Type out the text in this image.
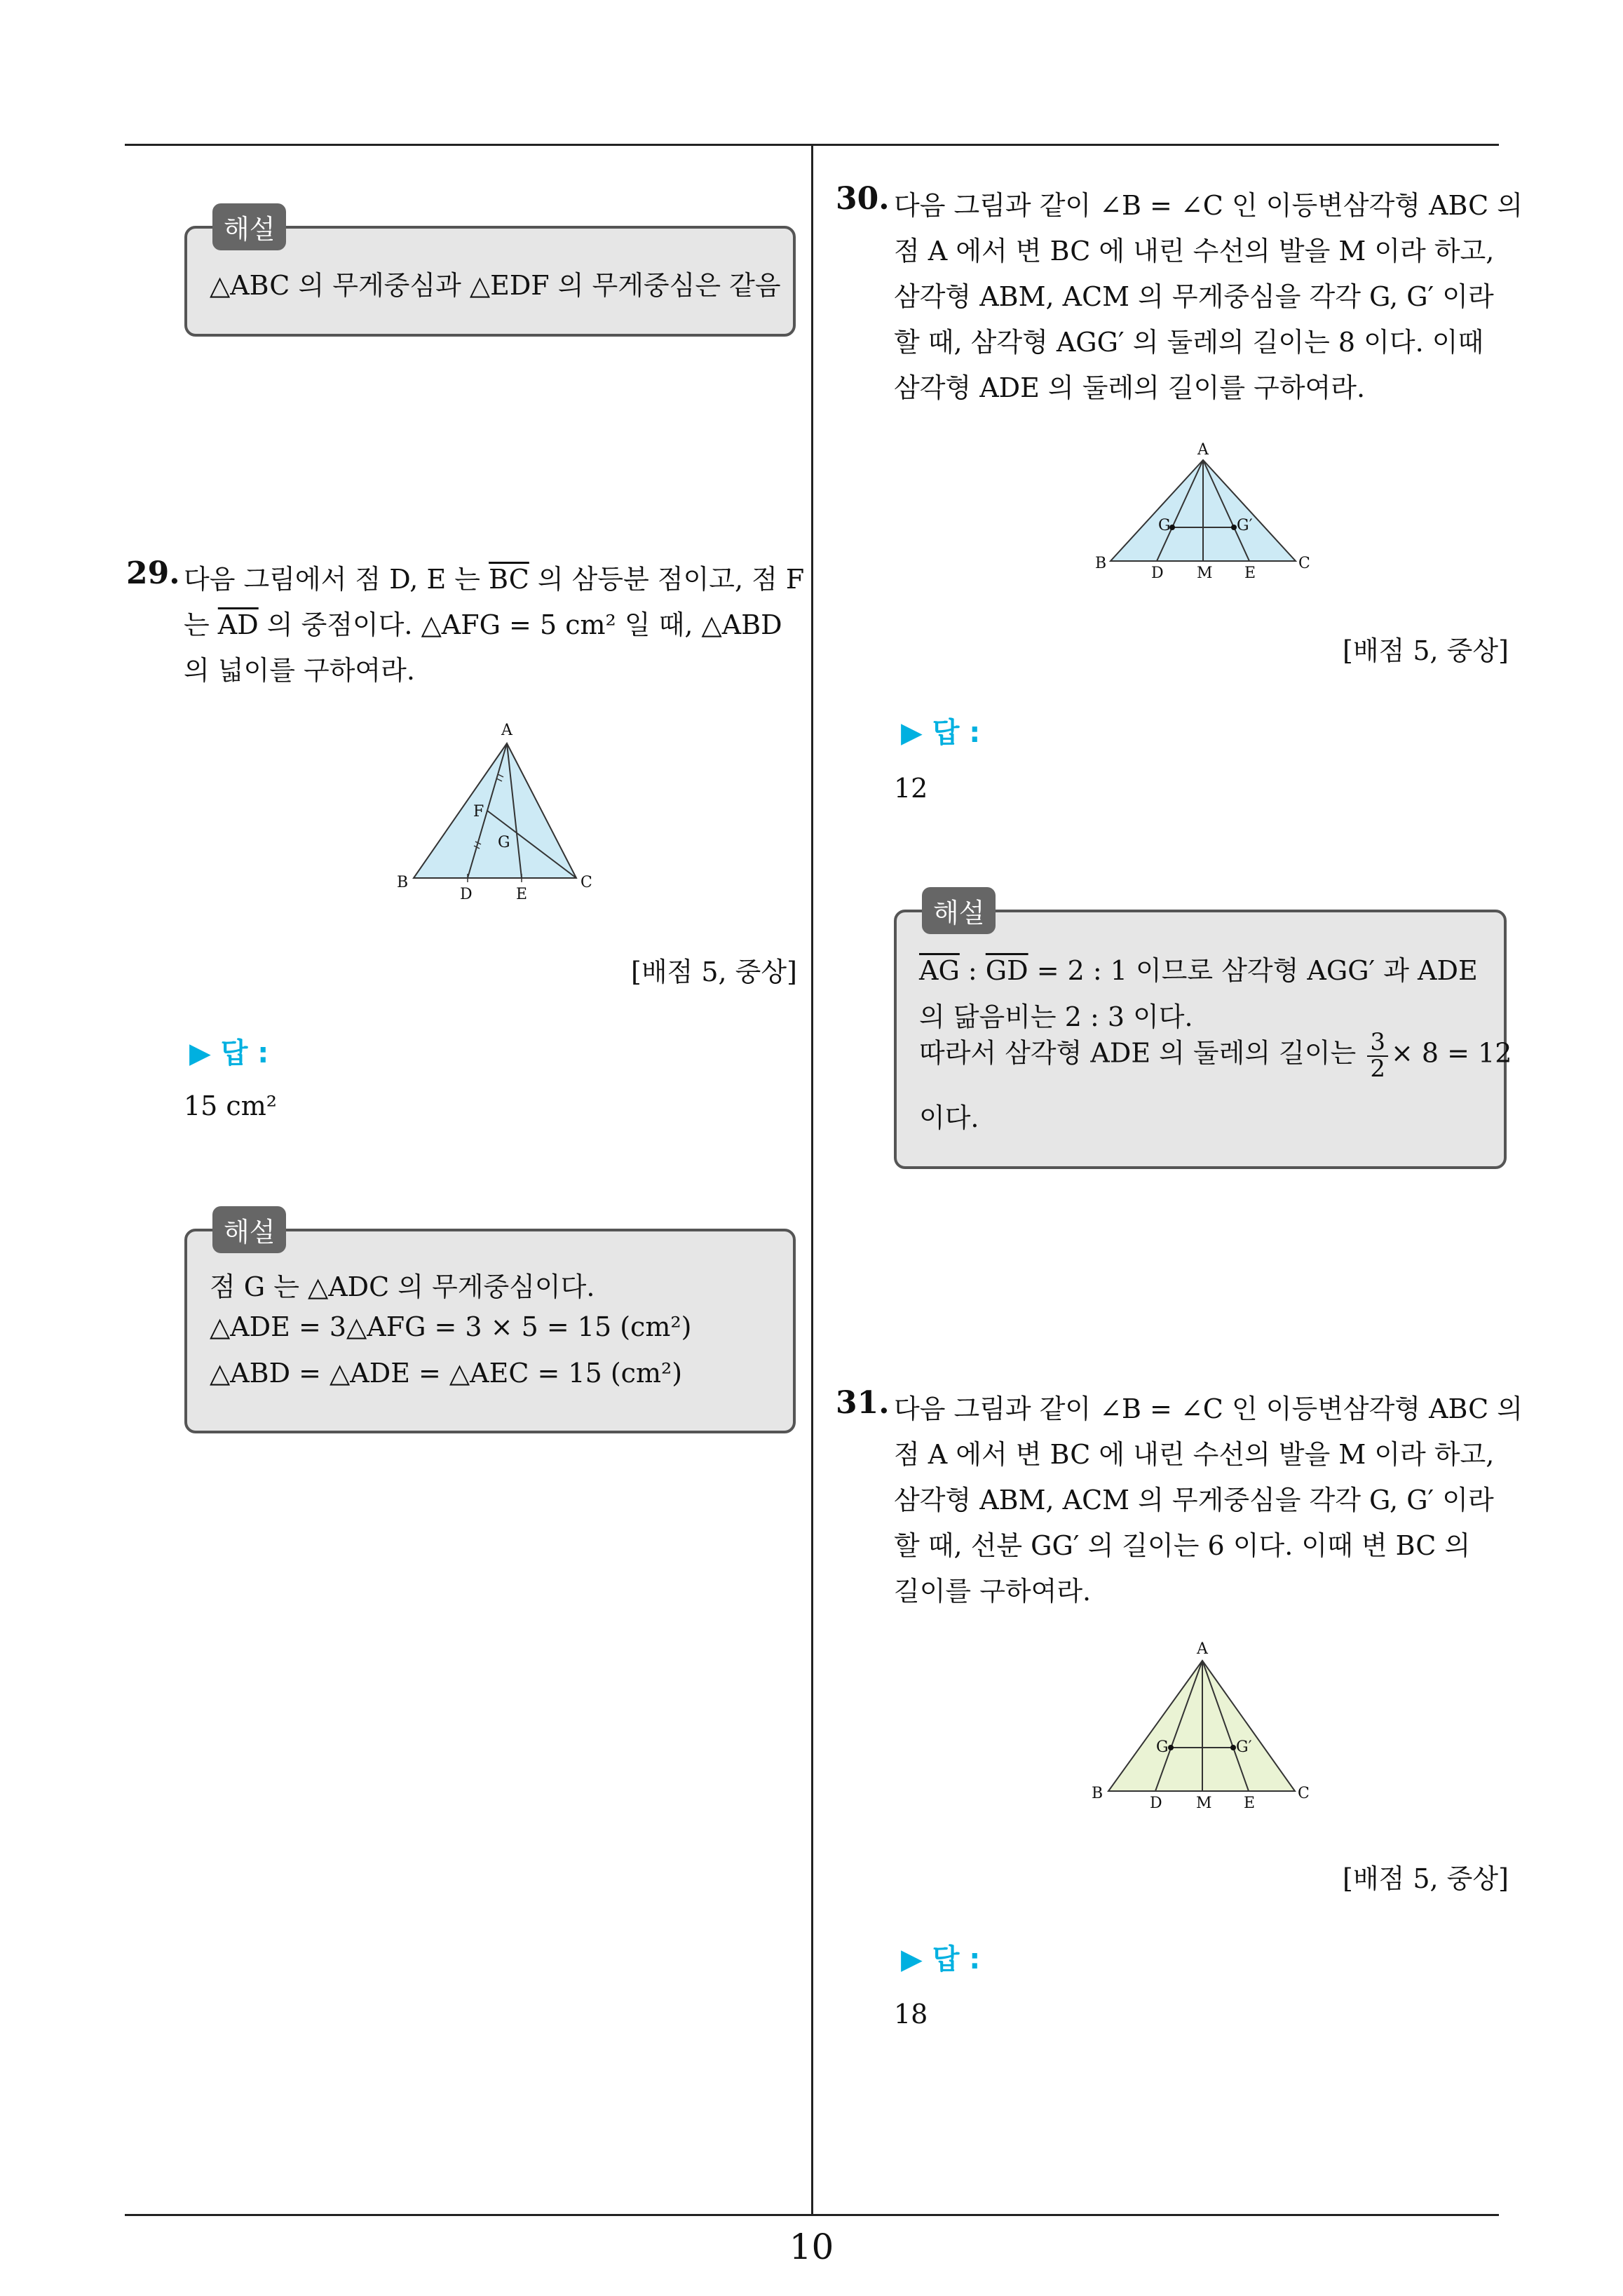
해설
△ABC 의 무게중심과 △EDF 의 무게중심은 같음
29. 다음 그림에서 점 D, E 는 $\overline{BC}$ 의 삼등분 점이고, 점 F
는 $\overline{AD}$ 의 중점이다. △AFG = 5 cm² 일 때, △ABD
의 넓이를 구하여라.
A
B	C
D	E
F
G
[배점 5, 중상]
▶ 답 :
15 cm²
해설
점 G 는 △ADC 의 무게중심이다.
△ADE = 3△AFG = 3 × 5 = 15 (cm²)
△ABD = △ADE = △AEC = 15 (cm²)
30. 다음 그림과 같이 ∠B = ∠C 인 이등변삼각형 ABC 의
점 A 에서 변 BC 에 내린 수선의 발을 M 이라 하고,
삼각형 ABM, ACM 의 무게중심을 각각 G, G′ 이라
할 때, 삼각형 AGG′ 의 둘레의 길이는 8 이다. 이때
삼각형 ADE 의 둘레의 길이를 구하여라.
A
B	C
D M E
G	G′
[배점 5, 중상]
▶ 답 :
12
해설
$\overline{AG}$ : $\overline{GD} = 2$ : 1 이므로 삼각형 AGG′ 과 ADE
의 닮음비는 2 : 3 이다.
따라서 삼각형 ADE 의 둘레의 길이는 $\frac{3}{2} \times 8 = 12$
이다.
31. 다음 그림과 같이 ∠B = ∠C 인 이등변삼각형 ABC 의
점 A 에서 변 BC 에 내린 수선의 발을 M 이라 하고,
삼각형 ABM, ACM 의 무게중심을 각각 G, G′ 이라
할 때, 선분 GG′ 의 길이는 6 이다. 이때 변 BC 의
길이를 구하여라.
A
B	C
D M E
G	G′
[배점 5, 중상]
▶ 답 :
18
10
